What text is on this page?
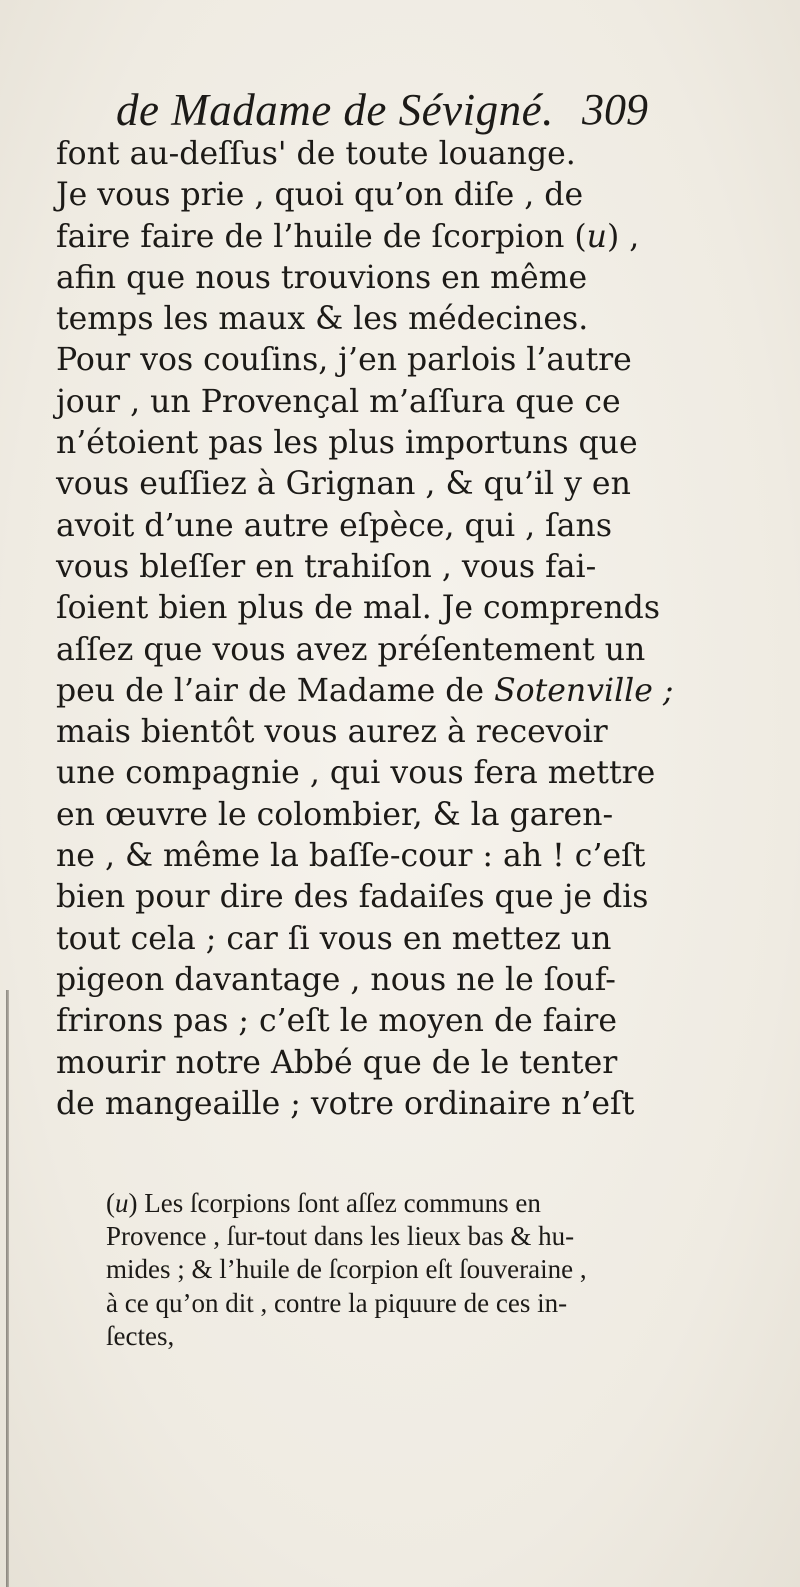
de Madame de Sévigné. 309
font au-deſſus' de toute louange.
Je vous prie , quoi qu’on diſe , de
faire faire de l’huile de ſcorpion (u) ,
afin que nous trouvions en même
temps les maux & les médecines.
Pour vos couſins, j’en parlois l’autre
jour , un Provençal m’aſſura que ce
n’étoient pas les plus importuns que
vous euſſiez à Grignan , & qu’il y en
avoit d’une autre eſpèce, qui , ſans
vous bleſſer en trahiſon , vous fai-
ſoient bien plus de mal. Je comprends
aſſez que vous avez préſentement un
peu de l’air de Madame de Sotenville ;
mais bientôt vous aurez à recevoir
une compagnie , qui vous fera mettre
en œuvre le colombier, & la garen-
ne , & même la baſſe-cour : ah ! c’eſt
bien pour dire des fadaiſes que je dis
tout cela ; car ſi vous en mettez un
pigeon davantage , nous ne le ſouf-
frirons pas ; c’eſt le moyen de faire
mourir notre Abbé que de le tenter
de mangeaille ; votre ordinaire n’eſt
(u) Les ſcorpions ſont aſſez communs en
Provence , ſur-tout dans les lieux bas & hu-
mides ; & l’huile de ſcorpion eſt ſouveraine ,
à ce qu’on dit , contre la piquure de ces in-
ſectes,
